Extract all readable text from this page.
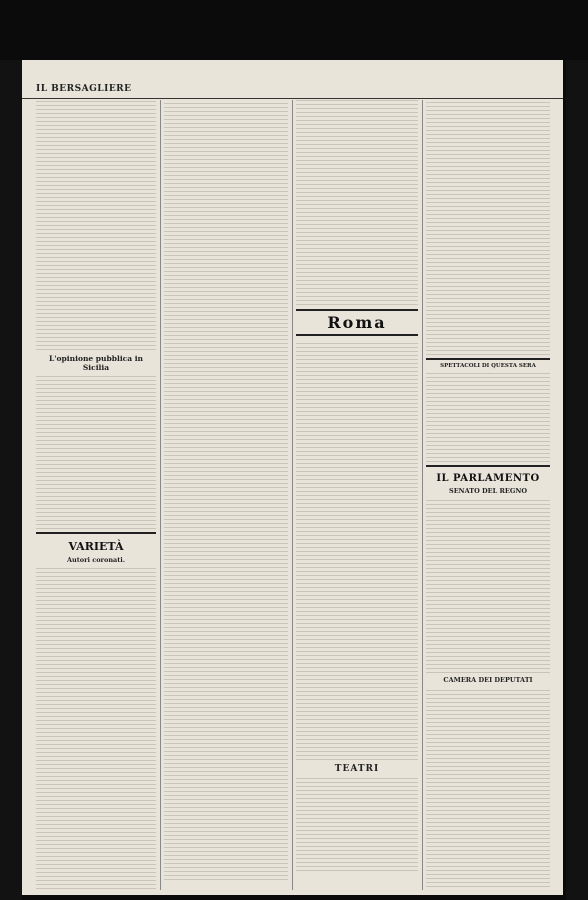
IL BERSAGLIERE
L'opinione pubblica in Sicilia
VARIETÀ
Autori coronati.
Roma
TEATRI
SPETTACOLI DI QUESTA SERA
IL PARLAMENTO
SENATO DEL REGNO
CAMERA DEI DEPUTATI
